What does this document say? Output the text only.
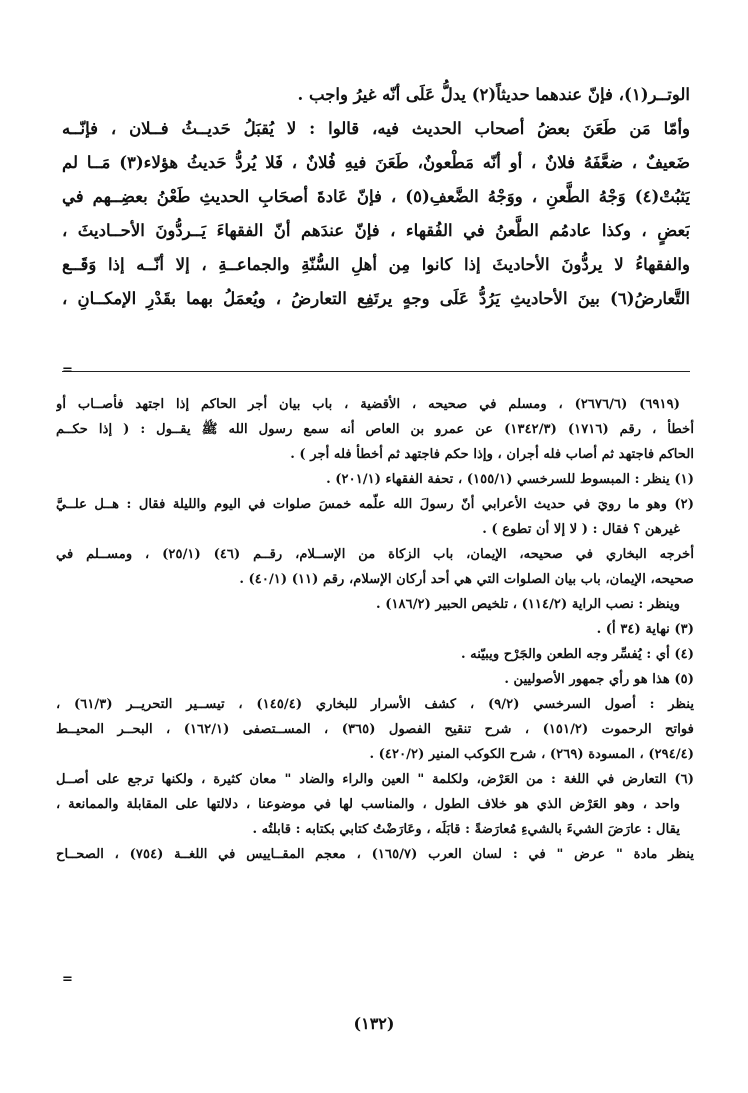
الوتــر(١)، فإنّ عندهما حديثاً(٢) يدلُّ عَلَى أنّه غيرُ واجب .
وأمّا مَن طَعَنَ بعضُ أصحاب الحديث فيه، قالوا : لا يُقبَلُ حَديــثُ فــلان ، فإنّــه
ضَعيفٌ ، ضعَّفَهُ فلانٌ ، أو أنّه مَطْعونٌ، طَعَنَ فيهِ فُلانٌ ، فَلا يُردُّ حَديثُ هؤلاء(٣) مَــا لم
يَثبُتْ(٤) وَجْهُ الطَّعنِ ، ووَجْهُ الضَّعفِ(٥) ، فإنّ عَادةَ أصحَابِ الحديثِ طَعْنُ بعضِــهم في
بَعضٍ ، وكذا عادمُم الطَّعنُ في الفُقهاء ، فإنّ عندَهم أنّ الفقهاءَ يَــردُّونَ الأحــاديثَ ،
والفقهاءُ لا يردُّونَ الأحاديثَ إذا كانوا مِن أهلِ السُّنّةِ والجماعــةِ ، إلا أنّــه إذا وَقَــع
التَّعارضُ(٦) بينَ الأحاديثِ يَرُدُّ عَلَى وجهٍ يرتَفِع التعارضُ ، ويُعمَلُ بهما بقَدْرِ الإمكــانِ ،
=
(٦٩١٩) (٢٦٧٦/٦) ، ومسلم في صحيحه ، الأقضية ، باب بيان أجر الحاكم إذا اجتهد فأصــاب أو
أخطأ ، رقم (١٧١٦) (١٣٤٢/٣) عن عمرو بن العاص أنه سمع رسول الله ﷺ يقــول : ( إذا حكــم
الحاكم فاجتهد ثم أصاب فله أجران ، وإذا حكم فاجتهد ثم أخطأ فله أجر ) .
(١) ينظر : المبسوط للسرخسي (١٥٥/١) ، تحفة الفقهاء (٢٠١/١) .
(٢) وهو ما رويَ في حديث الأعرابي أنّ رسولَ الله علّمه خمسَ صلوات في اليوم والليلة فقال : هــل علــيَّ
غيرهن ؟ فقال : ( لا إلا أن تطوع ) .
أخرجه البخاري في صحيحه، الإيمان، باب الزكاة من الإســلام، رقــم (٤٦) (٢٥/١) ، ومســلم في
صحيحه، الإيمان، باب بيان الصلوات التي هي أحد أركان الإسلام، رقم (١١) (٤٠/١) .
وينظر : نصب الراية (١١٤/٢) ، تلخيص الحبير (١٨٦/٢) .
(٣) نهاية (٣٤ أ) .
(٤) أي : يُفسِّر وجه الطعن والجَرْح ويبيّنه .
(٥) هذا هو رأي جمهور الأصوليين .
ينظر : أصول السرخسي (٩/٢) ، كشف الأسرار للبخاري (١٤٥/٤) ، تيســير التحريــر (٦١/٣) ،
فواتح الرحموت (١٥١/٢) ، شرح تنقيح الفصول (٣٦٥) ، المســتصفى (١٦٢/١) ، البحــر المحيــط
(٢٩٤/٤) ، المسودة (٢٦٩) ، شرح الكوكب المنير (٤٢٠/٢) .
(٦) التعارض في اللغة : من العَرْض، ولكلمة " العين والراء والضاد " معان كثيرة ، ولكنها ترجع على أصــل
واحد ، وهو العَرْض الذي هو خلاف الطول ، والمناسب لها في موضوعنا ، دلالتها على المقابلة والممانعة ،
يقال : عارَضَ الشيءَ بالشيءِ مُعارَضةً : قابَلَه ، وعَارَضْتُ كتابي بكتابه : قابلتُه .
ينظر مادة " عرض " في : لسان العرب (١٦٥/٧) ، معجم المقــاييس في اللغــة (٧٥٤) ، الصحــاح
=
(١٣٢)
